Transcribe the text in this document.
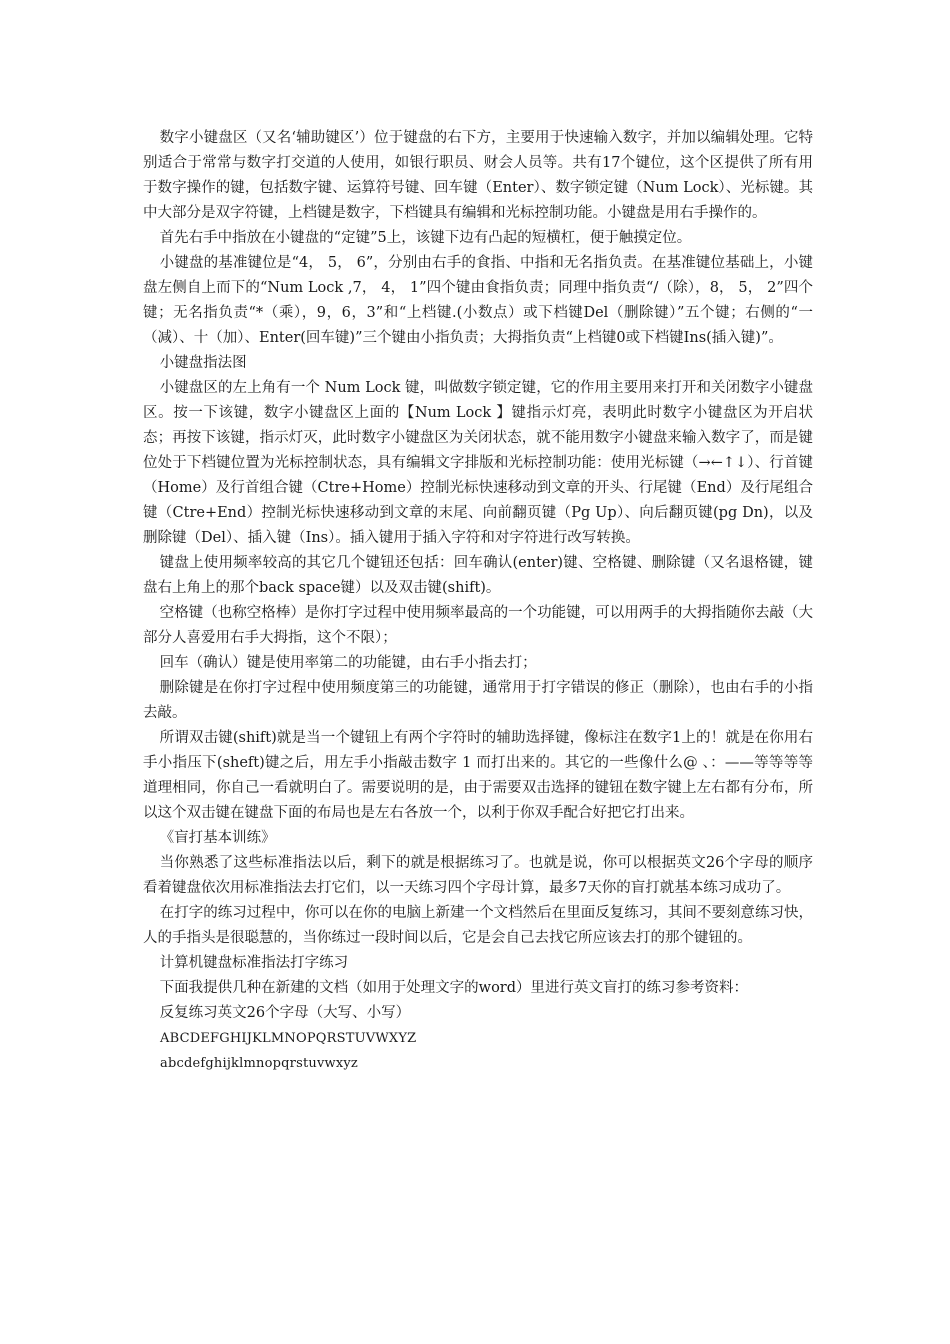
数字小键盘区（又名‘辅助键区’）位于键盘的右下方，主要用于快速输入数字，并加以编辑处理。它特别适合于常常与数字打交道的人使用，如银行职员、财会人员等。共有17个键位，这个区提供了所有用于数字操作的键，包括数字键、运算符号键、回车键（Enter）、数字锁定键（Num Lock）、光标键。其中大部分是双字符键，上档键是数字，下档键具有编辑和光标控制功能。小键盘是用右手操作的。

首先右手中指放在小键盘的“定键”5上，该键下边有凸起的短横杠，便于触摸定位。

小键盘的基准键位是“4， 5， 6”，分别由右手的食指、中指和无名指负责。在基准键位基础上，小键盘左侧自上而下的“Num Lock ,7， 4， 1”四个键由食指负责；同理中指负责“/（除），8， 5， 2”四个键；无名指负责“*（乘），9，6，3”和“上档键.(小数点）或下档键Del（删除键）”五个键；右侧的“一（减）、十（加）、Enter(回车键)”三个键由小指负责；大拇指负责“上档键0或下档键Ins(插入键)”。

小键盘指法图

小键盘区的左上角有一个 Num Lock 键，叫做数字锁定键，它的作用主要用来打开和关闭数字小键盘区。按一下该键，数字小键盘区上面的【Num Lock 】键指示灯亮，表明此时数字小键盘区为开启状态；再按下该键，指示灯灭，此时数字小键盘区为关闭状态，就不能用数字小键盘来输入数字了，而是键位处于下档键位置为光标控制状态，具有编辑文字排版和光标控制功能：使用光标键（→←↑↓）、行首键（Home）及行首组合键（Ctre+Home）控制光标快速移动到文章的开头、行尾键（End）及行尾组合键（Ctre+End）控制光标快速移动到文章的末尾、向前翻页键（Pg Up）、向后翻页键(pg Dn)，以及删除键（Del）、插入键（Ins）。插入键用于插入字符和对字符进行改写转换。

键盘上使用频率较高的其它几个键钮还包括：回车确认(enter)键、空格键、删除键（又名退格键，键盘右上角上的那个back space键）以及双击键(shift)。

空格键（也称空格棒）是你打字过程中使用频率最高的一个功能键，可以用两手的大拇指随你去敲（大部分人喜爱用右手大拇指，这个不限）；

回车（确认）键是使用率第二的功能键，由右手小指去打；

删除键是在你打字过程中使用频度第三的功能键，通常用于打字错误的修正（删除），也由右手的小指去敲。

所谓双击键(shift)就是当一个键钮上有两个字符时的辅助选择键，像标注在数字1上的！就是在你用右手小指压下(sheft)键之后，用左手小指敲击数字 1 而打出来的。其它的一些像什么@ 、：——等等等等道理相同，你自己一看就明白了。需要说明的是，由于需要双击选择的键钮在数字键上左右都有分布，所以这个双击键在键盘下面的布局也是左右各放一个，以利于你双手配合好把它打出来。

《盲打基本训练》

当你熟悉了这些标准指法以后，剩下的就是根据练习了。也就是说，你可以根据英文26个字母的顺序看着键盘依次用标准指法去打它们，以一天练习四个字母计算，最多7天你的盲打就基本练习成功了。

在打字的练习过程中，你可以在你的电脑上新建一个文档然后在里面反复练习，其间不要刻意练习快，人的手指头是很聪慧的，当你练过一段时间以后，它是会自己去找它所应该去打的那个键钮的。

计算机键盘标准指法打字练习

下面我提供几种在新建的文档（如用于处理文字的word）里进行英文盲打的练习参考资料：

反复练习英文26个字母（大写、小写）

ABCDEFGHIJKLMNOPQRSTUVWXYZ

abcdefghijklmnopqrstuvwxyz
